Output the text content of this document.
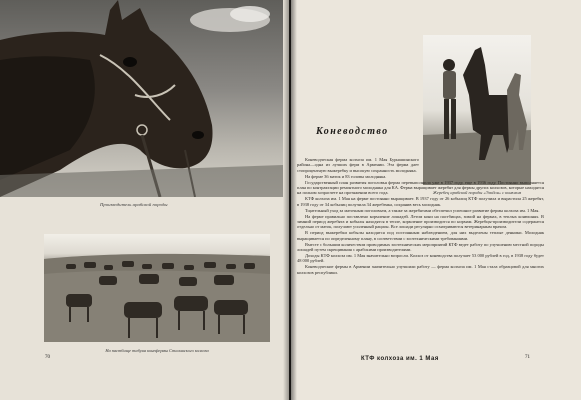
Производитель арабской породы
На пастбище табуна конефермы Сталинского колхоза
70
Жеребец арабской породы «Эльбон» с конюхом
Коневодство

Коневодческая ферма колхоза им. 1 Мая Бурнашинского района—одна из лучших ферм в Армении. Эта ферма дает стопроцентную выжеребку и высокую сохранность молодняка.

На ферме 36 маток и 83 головы молодняка.

Государственный план развития поголовья ферма перевыполнила уже в 1937 году, еще в 1936 году. Постоянно выполняется план по контрактации ремонтного молодняка для КА. Ферма выращивает жеребят для фермы других колхозов, которые находятся на полном хозрасчете на протяжении всего года.

КТФ колхоза им. 1 Мая на ферме постоянно выращивает. В 1937 году от 26 кобылиц КТФ получила и вырастила 25 жеребят, в 1938 году от 34 кобылиц получила 34 жеребенка, сохранив весь молодняк.

Тщательный уход за маточным поголовьем, а также за жеребятами обеспечил успешное развитие фермы колхоза им. 1 Мая.

На ферме правильно поставлено кормление лошадей. Летом кони на пастбищах, зимой на фермах, в теплых конюшнях. В зимний период жеребята и кобылы находятся в тепле, кормление производится по нормам. Жеребцы-производители содержатся отдельно от маток, получают усиленный рацион. Все лошади регулярно осматриваются ветеринарным врачом.

В период выжеребки кобылы находятся под постоянным наблюдением, для них выделены теплые денники. Молодняк выращивается по определенному плану, в соответствии с зоотехническими требованиями.

Вместе с большим количеством проводимых зоотехнических мероприятий КТФ ведет работу по улучшению местной породы лошадей путем скрещивания с арабскими производителями.

Доходы КТФ колхоза им. 1 Мая значительно возросли. Колхоз от коневодства получает 53 000 рублей в год, в 1938 году будет 48 000 рублей.

Коневодческие фермы в Армении значительно улучшили работу — ферма колхоза им. 1 Мая стала образцовой для многих колхозов республики.

КТФ колхоза им. 1 Мая	71
